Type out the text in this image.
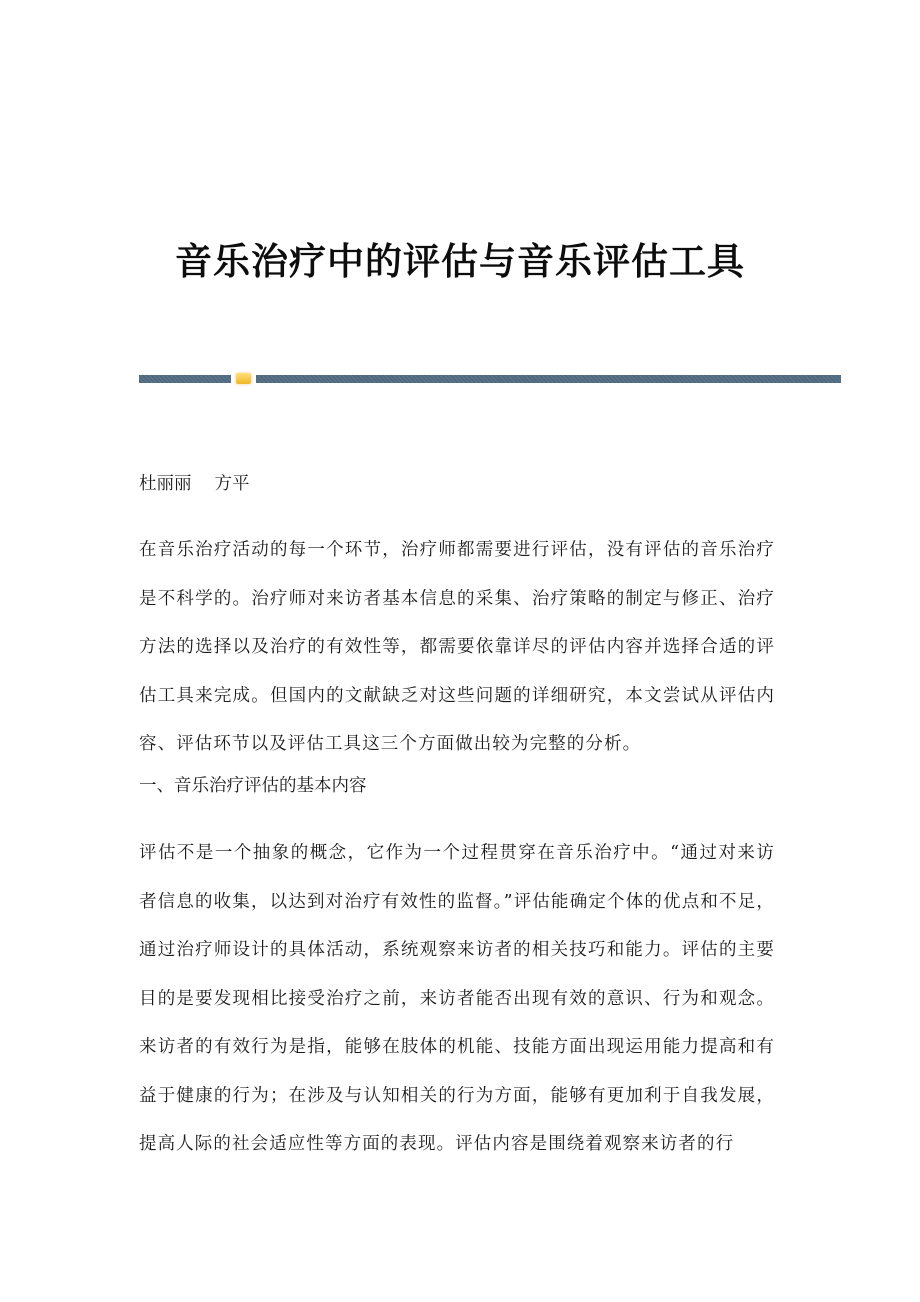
音乐治疗中的评估与音乐评估工具
杜丽丽　 方平

在音乐治疗活动的每一个环节，治疗师都需要进行评估，没有评估的音乐治疗是不科学的。治疗师对来访者基本信息的采集、治疗策略的制定与修正、治疗方法的选择以及治疗的有效性等，都需要依靠详尽的评估内容并选择合适的评估工具来完成。但国内的文献缺乏对这些问题的详细研究，本文尝试从评估内容、评估环节以及评估工具这三个方面做出较为完整的分析。

一、音乐治疗评估的基本内容

评估不是一个抽象的概念，它作为一个过程贯穿在音乐治疗中。“通过对来访者信息的收集，以达到对治疗有效性的监督。”评估能确定个体的优点和不足，通过治疗师设计的具体活动，系统观察来访者的相关技巧和能力。评估的主要目的是要发现相比接受治疗之前，来访者能否出现有效的意识、行为和观念。来访者的有效行为是指，能够在肢体的机能、技能方面出现运用能力提高和有益于健康的行为；在涉及与认知相关的行为方面，能够有更加利于自我发展，提高人际的社会适应性等方面的表现。评估内容是围绕着观察来访者的行
